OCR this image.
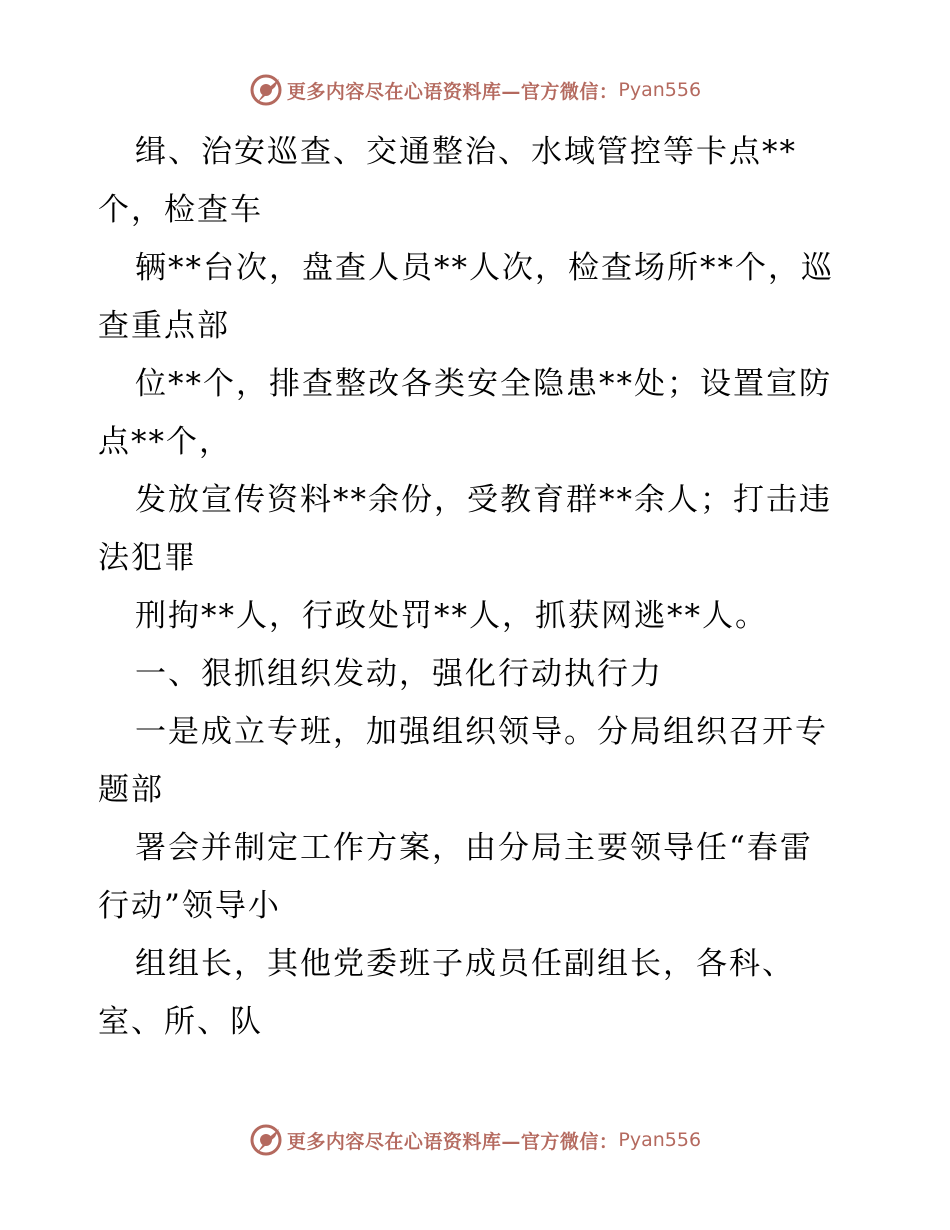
更多内容尽在心语资料库—官方微信： Pyan556
缉、治安巡查、交通整治、水域管控等卡点**
个，检查车
辆**台次，盘查人员**人次，检查场所**个，巡
查重点部
位**个，排查整改各类安全隐患**处；设置宣防
点**个，
发放宣传资料**余份，受教育群**余人；打击违
法犯罪
刑拘**人，行政处罚**人，抓获网逃**人。
一、狠抓组织发动，强化行动执行力
一是成立专班，加强组织领导。分局组织召开专
题部
署会并制定工作方案，由分局主要领导任“春雷
行动”领导小
组组长，其他党委班子成员任副组长，各科、
室、所、队
更多内容尽在心语资料库—官方微信： Pyan556
